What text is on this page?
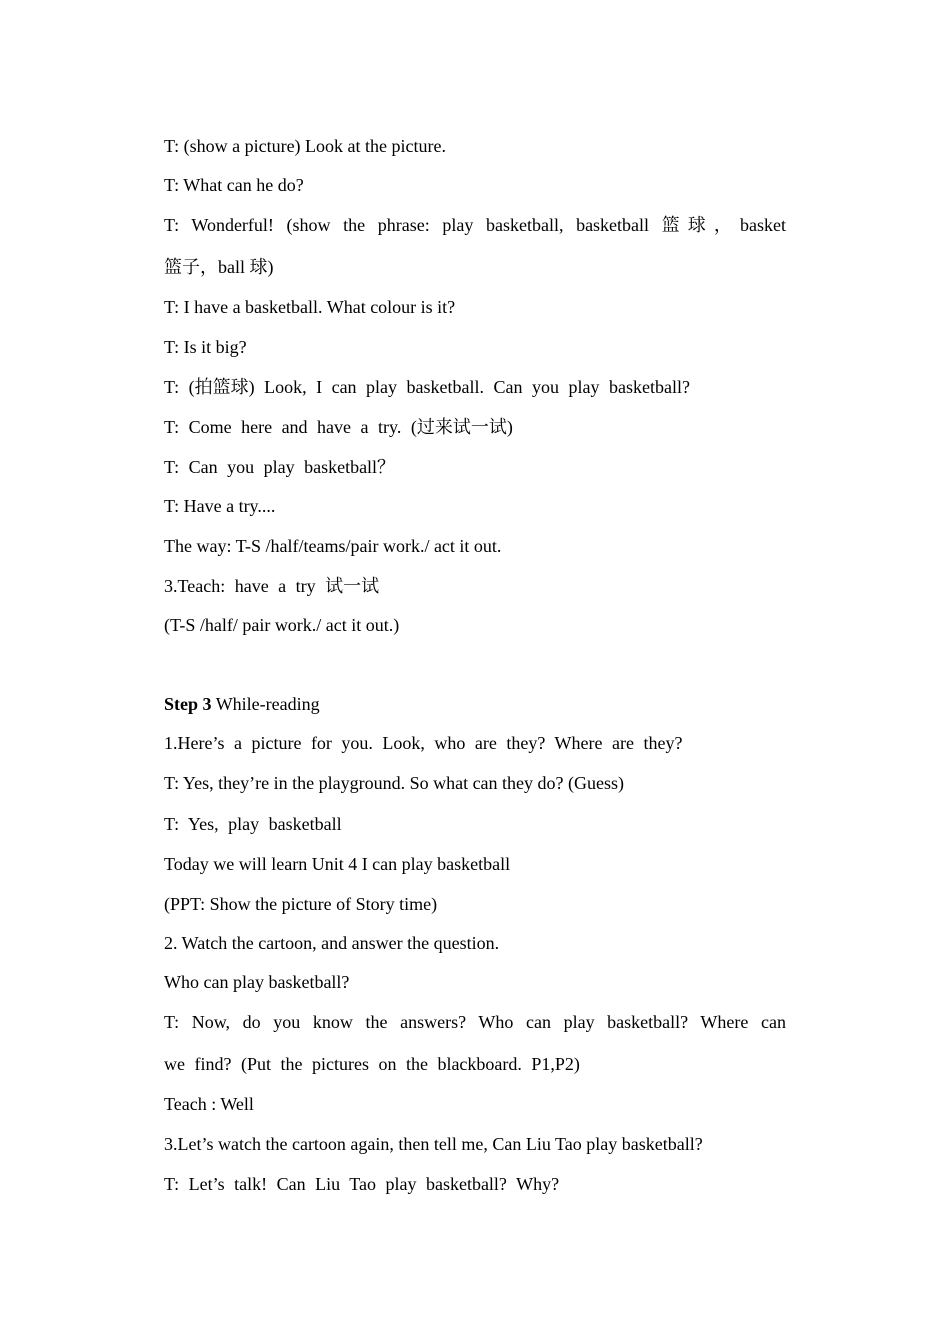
T: (show a picture) Look at the picture.
T: What can he do?
T: Wonderful! (show the phrase: play basketball, basketball 篮球，basket
篮子，ball 球)
T: I have a basketball. What colour is it?
T: Is it big?
T: (拍篮球) Look, I can play basketball. Can you play basketball?
T: Come here and have a try. (过来试一试)
T: Can you play basketball？
T: Have a try....
The way: T-S /half/teams/pair work./ act it out.
3.Teach: have a try 试一试
(T-S /half/ pair work./ act it out.)
Step 3 While-reading
1.Here’s a picture for you. Look, who are they? Where are they?
T: Yes, they’re in the playground. So what can they do? (Guess)
T: Yes, play basketball
Today we will learn Unit 4 I can play basketball
(PPT: Show the picture of Story time)
2. Watch the cartoon, and answer the question.
Who can play basketball?
T: Now, do you know the answers? Who can play basketball? Where can
we find? (Put the pictures on the blackboard. P1,P2)
Teach : Well
3.Let’s watch the cartoon again, then tell me, Can Liu Tao play basketball?
T: Let’s talk! Can Liu Tao play basketball? Why?
